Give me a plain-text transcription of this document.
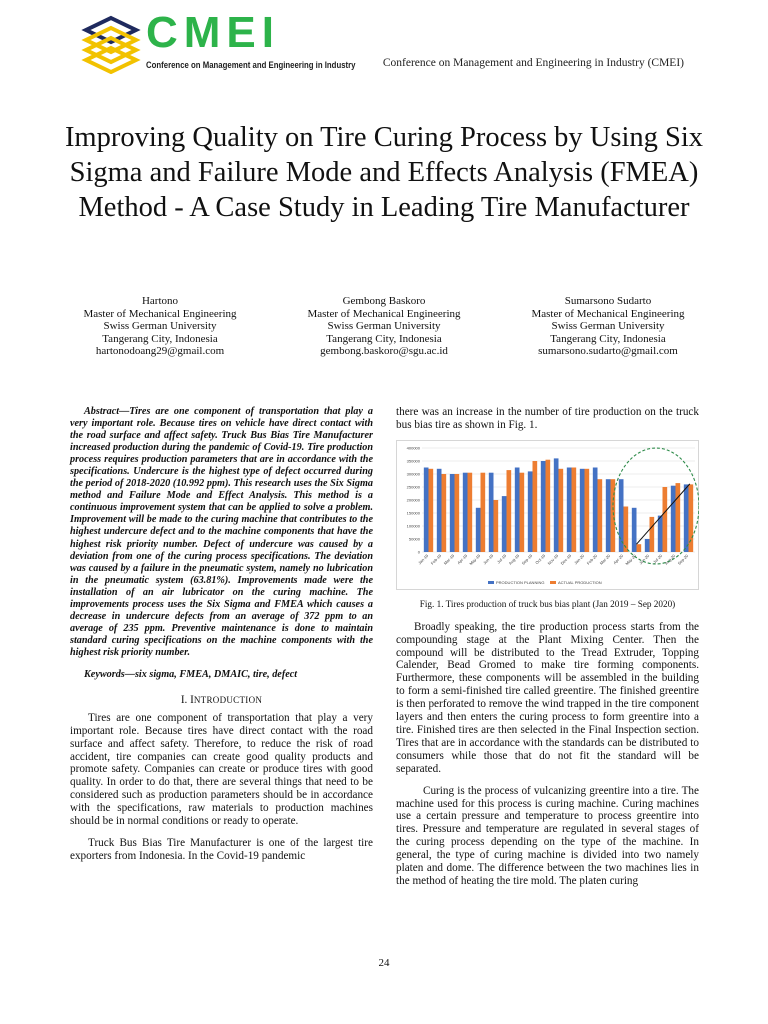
CMEI
Conference on Management and Engineering in Industry Conference on Management and Engineering in Industry (CMEI)
Improving Quality on Tire Curing Process by Using Six Sigma and Failure Mode and Effects Analysis (FMEA) Method - A Case Study in Leading Tire Manufacturer
Hartono
Master of Mechanical Engineering
Swiss German University
Tangerang City, Indonesia
hartonodoang29@gmail.com
Gembong Baskoro
Master of Mechanical Engineering
Swiss German University
Tangerang City, Indonesia
gembong.baskoro@sgu.ac.id
Sumarsono Sudarto
Master of Mechanical Engineering
Swiss German University
Tangerang City, Indonesia
sumarsono.sudarto@gmail.com

Abstract—Tires are one component of transportation that play a very important role. Because tires on vehicle have direct contact with the road surface and affect safety. Truck Bus Bias Tire Manufacturer increased production during the pandemic of Covid-19. Tire production process requires production parameters that are in accordance with the specifications. Undercure is the highest type of defect occurred during the period of 2018-2020 (10.992 ppm). This research uses the Six Sigma method and Failure Mode and Effect Analysis. This method is a continuous improvement system that can be applied to solve a problem. Improvement will be made to the curing machine that contributes to the highest undercure defect and to the machine components that have the highest risk priority number. Defect of undercure was caused by a deviation from one of the curing process specifications. The deviation was caused by a failure in the pneumatic system, namely no lubrication in the pneumatic system (63.81%). Improvements made were the installation of an air lubricator on the curing machine. The improvements process uses the Six Sigma and FMEA which causes a decrease in undercure defects from an average of 372 ppm to an average of 235 ppm. Preventive maintenance is done to maintain standard curing specifications on the machine components with the highest risk priority number.

Keywords—six sigma, FMEA, DMAIC, tire, defect

I. INTRODUCTION

Tires are one component of transportation that play a very important role. Because tires have direct contact with the road surface and affect safety. Therefore, to reduce the risk of road accident, tire companies can create good quality products and promote safety. Companies can create or produce tires with good quality. In order to do that, there are several things that need to be considered such as production parameters should be in accordance with the specifications, raw materials to production machines should be in normal conditions or ready to operate.

Truck Bus Bias Tire Manufacturer is one of the largest tire exporters from Indonesia. In the Covid-19 pandemic

there was an increase in the number of tire production on the truck bus bias tire as shown in Fig. 1.

0
50000
100000
150000
200000
250000
300000
350000
400000
Jan-19 Feb-19 Mar-19 Apr-19 May-19 Jun-19 Jul-19 Aug-19 Sep-19 Oct-19 Nov-19 Dec-19 Jan-20 Feb-20 Mar-20 Apr-20 May-20 Jun-20 Jul-20 Aug-20 Sep-20
PRODUCTION PLANNING	ACTUAL PRODUCTION

Fig. 1. Tires production of truck bus bias plant (Jan 2019 – Sep 2020)

Broadly speaking, the tire production process starts from the compounding stage at the Plant Mixing Center. Then the compound will be distributed to the Tread Extruder, Topping Calender, Bead Gromed to make tire forming components. Furthermore, these components will be assembled in the building to form a semi-finished tire called greentire. The finished greentire is then perforated to remove the wind trapped in the tire component layers and then enters the curing process to form greentire into a tire. Finished tires are then selected in the Final Inspection section. Tires that are in accordance with the standards can be distributed to consumers while those that do not fit the standard will be separated.

Curing is the process of vulcanizing greentire into a tire. The machine used for this process is curing machine. Curing machines use a certain pressure and temperature to process greentire into tires. Pressure and temperature are regulated in several stages of the curing process depending on the type of the machine. In general, the type of curing machine is divided into two namely platen and dome. The difference between the two machines lies in the method of heating the tire mold. The platen curing

24
